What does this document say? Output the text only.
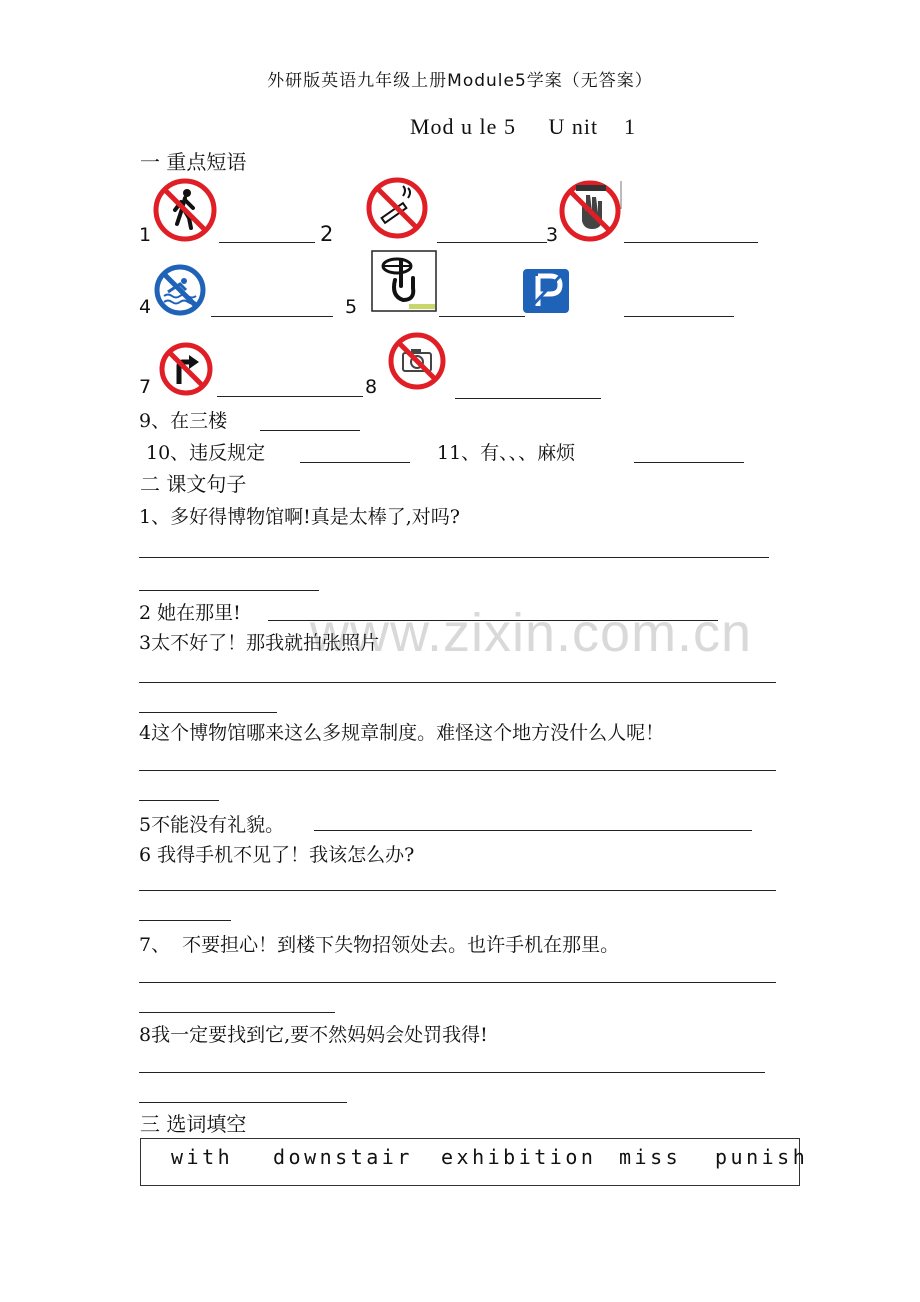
外研版英语九年级上册Module5学案（无答案）
Mod u le 5     U nit    1
一 重点短语
1	2	3
4	5
7	8
9、在三楼
10、违反规定	11、有、、、麻烦
二 课文句子
1、多好得博物馆啊!真是太棒了,对吗?
2 她在那里! www.zixin.com.cn
3太不好了！那我就拍张照片
4这个博物馆哪来这么多规章制度。难怪这个地方没什么人呢！
5不能没有礼貌。
6 我得手机不见了！我该怎么办?
7、  不要担心！到楼下失物招领处去。也许手机在那里。
8我一定要找到它,要不然妈妈会处罚我得!
三 选词填空
with downstair exhibition miss punish
